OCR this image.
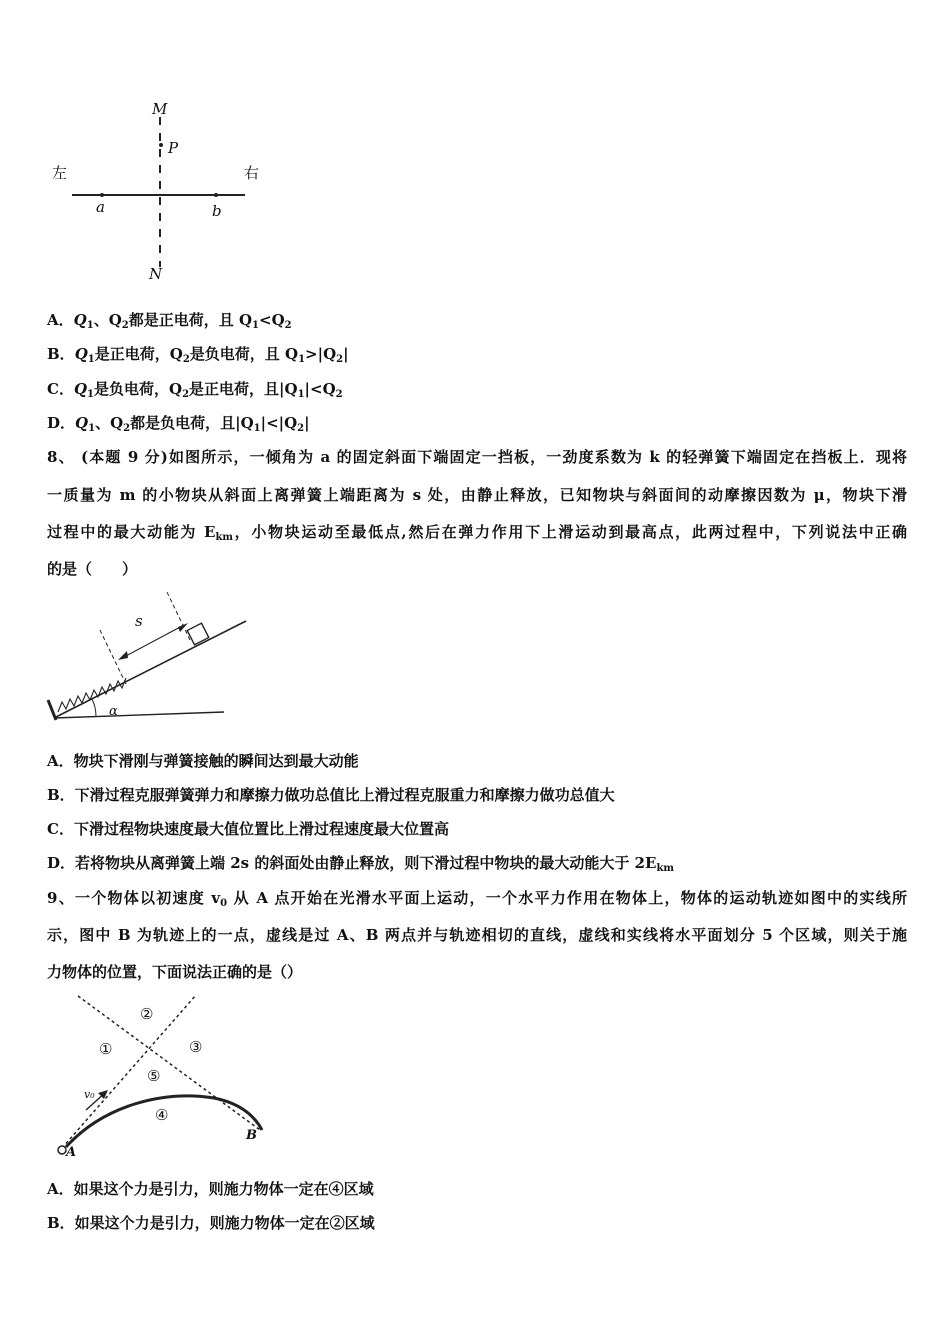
左	右
M
P
a	b
N
A．$Q_1$、$Q_2$都是正电荷，且 $Q_1<Q_2$
B．$Q_1$是正电荷，$Q_2$是负电荷，且 $Q_1>|Q_2|$
C．$Q_1$是负电荷，$Q_2$是正电荷，且$|Q_1|<Q_2$
D．$Q_1$、$Q_2$都是负电荷，且$|Q_1|<|Q_2|$
8、 (本题 9 分)如图所示，一倾角为 a 的固定斜面下端固定一挡板，一劲度系数为 k 的轻弹簧下端固定在挡板上．现将
一质量为 m 的小物块从斜面上离弹簧上端距离为 s 处，由静止释放，已知物块与斜面间的动摩擦因数为 μ，物块下滑
过程中的最大动能为 $E_{km}$，小物块运动至最低点,然后在弹力作用下上滑运动到最高点，此两过程中，下列说法中正确
的是（　　）
s
α
A．物块下滑刚与弹簧接触的瞬间达到最大动能
B．下滑过程克服弹簧弹力和摩擦力做功总值比上滑过程克服重力和摩擦力做功总值大
C．下滑过程物块速度最大值位置比上滑过程速度最大位置高
D．若将物块从离弹簧上端 2s 的斜面处由静止释放，则下滑过程中物块的最大动能大于 $2E_{km}$
9、一个物体以初速度 $v_0$ 从 A 点开始在光滑水平面上运动，一个水平力作用在物体上，物体的运动轨迹如图中的实线所
示，图中 B 为轨迹上的一点，虚线是过 A、B 两点并与轨迹相切的直线，虚线和实线将水平面划分 5 个区域，则关于施
力物体的位置，下面说法正确的是（）
①
②
③
⑤
④
v₀
A
B
A．如果这个力是引力，则施力物体一定在④区域
B．如果这个力是引力，则施力物体一定在②区域
